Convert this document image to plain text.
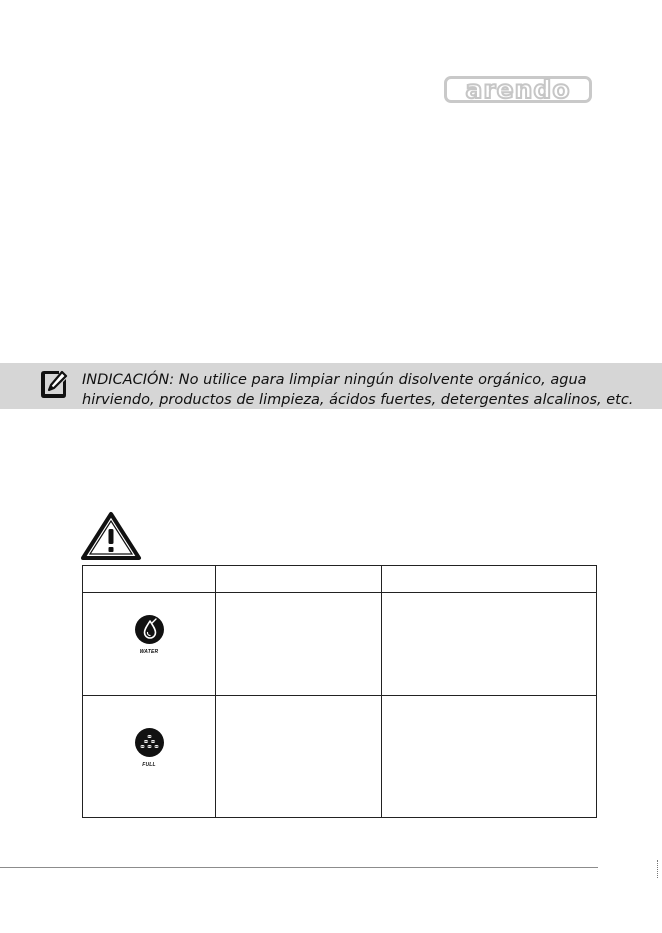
arendo
INDICACIÓN: No utilice para limpiar ningún disolvente orgánico, agua hirviendo, productos de limpieza, ácidos fuertes, detergentes alcalinos, etc.

WATER		

FULL		
